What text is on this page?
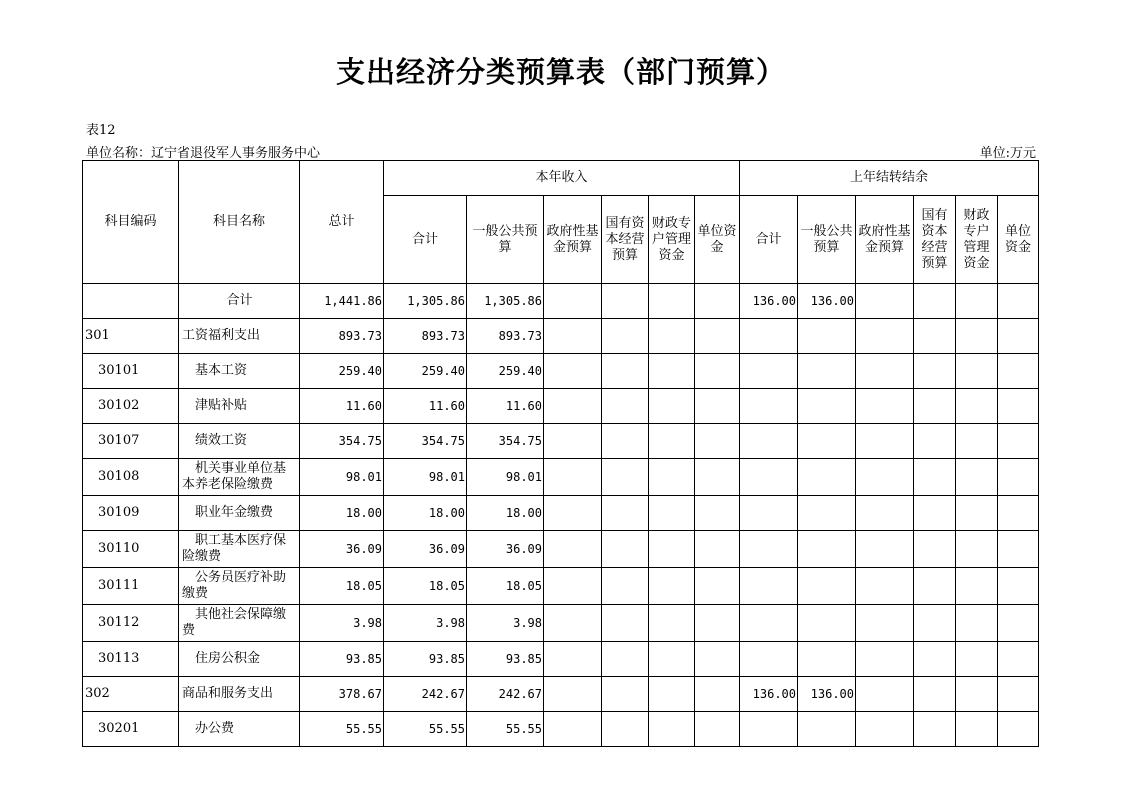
支出经济分类预算表（部门预算）
表12
单位名称：辽宁省退役军人事务服务中心	单位:万元
科目编码	科目名称	总计	本年收入						上年结转结余					
			合计	一般公共预算	政府性基金预算	国有资本经营预算	财政专户管理资金	单位资金	合计	一般公共预算	政府性基金预算	国有资本经营预算	财政专户管理资金	单位资金
	合计	1,441.86	1,305.86	1,305.86					136.00	136.00				
301	工资福利支出	893.73	893.73	893.73										
30101	基本工资	259.40	259.40	259.40										
30102	津贴补贴	11.60	11.60	11.60										
30107	绩效工资	354.75	354.75	354.75										
30108	机关事业单位基本养老保险缴费	98.01	98.01	98.01										
30109	职业年金缴费	18.00	18.00	18.00										
30110	职工基本医疗保险缴费	36.09	36.09	36.09										
30111	公务员医疗补助缴费	18.05	18.05	18.05										
30112	其他社会保障缴费	3.98	3.98	3.98										
30113	住房公积金	93.85	93.85	93.85										
302	商品和服务支出	378.67	242.67	242.67					136.00	136.00				
30201	办公费	55.55	55.55	55.55										
